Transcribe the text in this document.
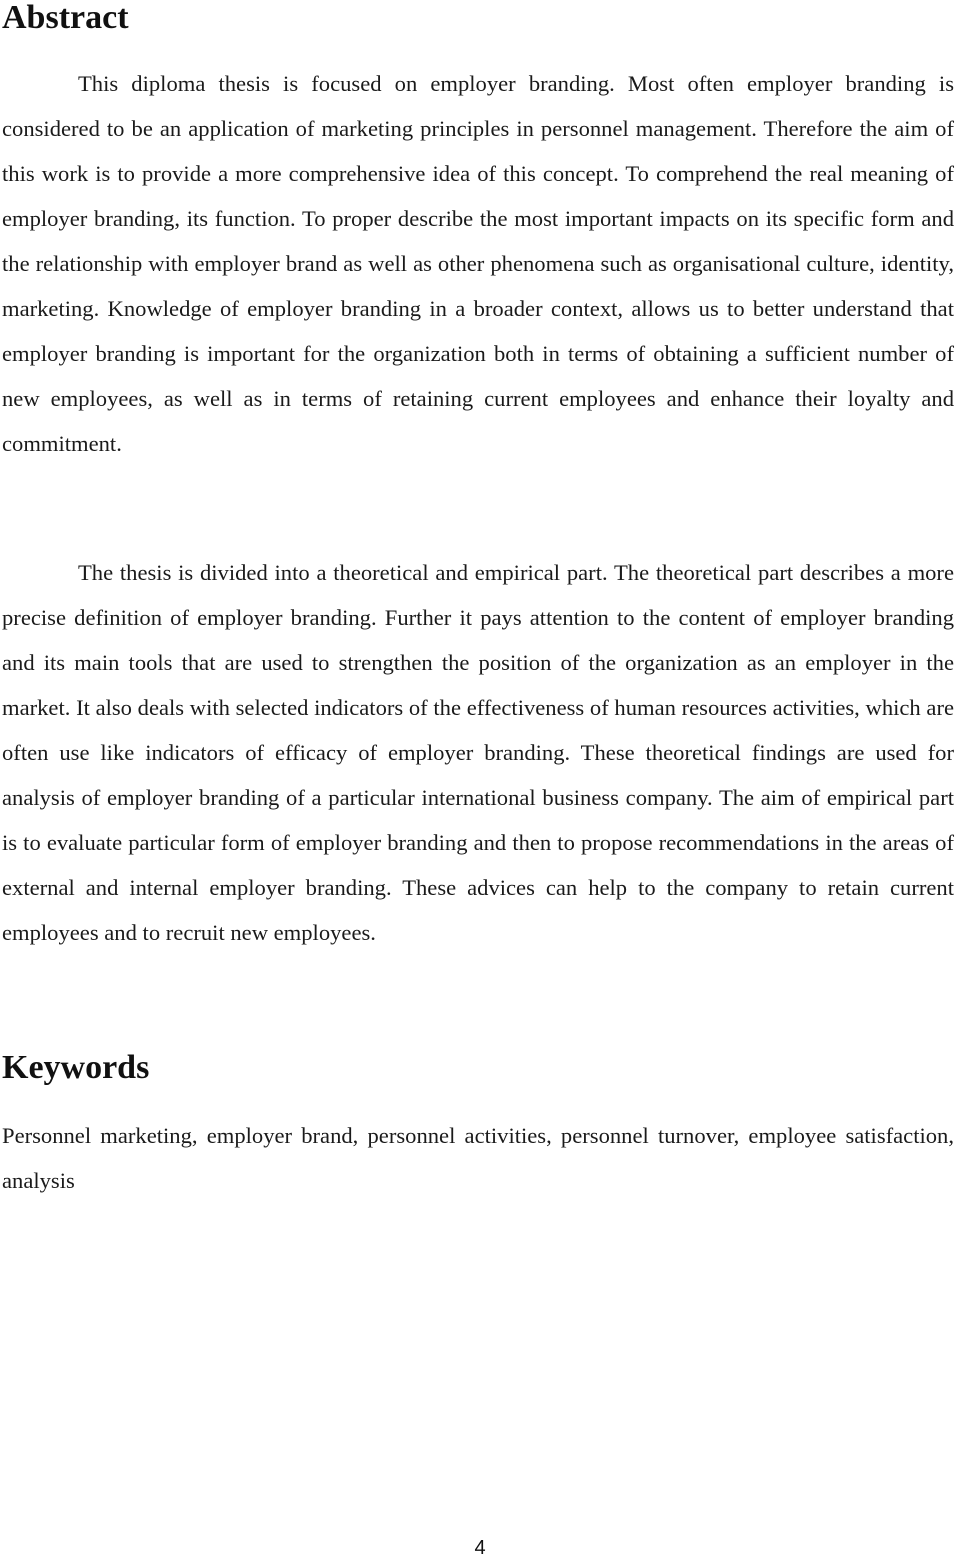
Abstract

This diploma thesis is focused on employer branding. Most often employer branding is considered to be an application of marketing principles in personnel management. Therefore the aim of this work is to provide a more comprehensive idea of this concept. To comprehend the real meaning of employer branding, its function. To proper describe the most important impacts on its specific form and the relationship with employer brand as well as other phenomena such as organisational culture, identity, marketing. Knowledge of employer branding in a broader context, allows us to better understand that employer branding is important for the organization both in terms of obtaining a sufficient number of new employees, as well as in terms of retaining current employees and enhance their loyalty and commitment.

The thesis is divided into a theoretical and empirical part. The theoretical part describes a more precise definition of employer branding. Further it pays attention to the content of employer branding and its main tools that are used to strengthen the position of the organization as an employer in the market. It also deals with selected indicators of the effectiveness of human resources activities, which are often use like indicators of efficacy of employer branding. These theoretical findings are used for analysis of employer branding of a particular international business company. The aim of empirical part is to evaluate particular form of employer branding and then to propose recommendations in the areas of external and internal employer branding. These advices can help to the company to retain current employees and to recruit new employees.

Keywords

Personnel marketing, employer brand, personnel activities, personnel turnover, employee satisfaction, analysis

4
